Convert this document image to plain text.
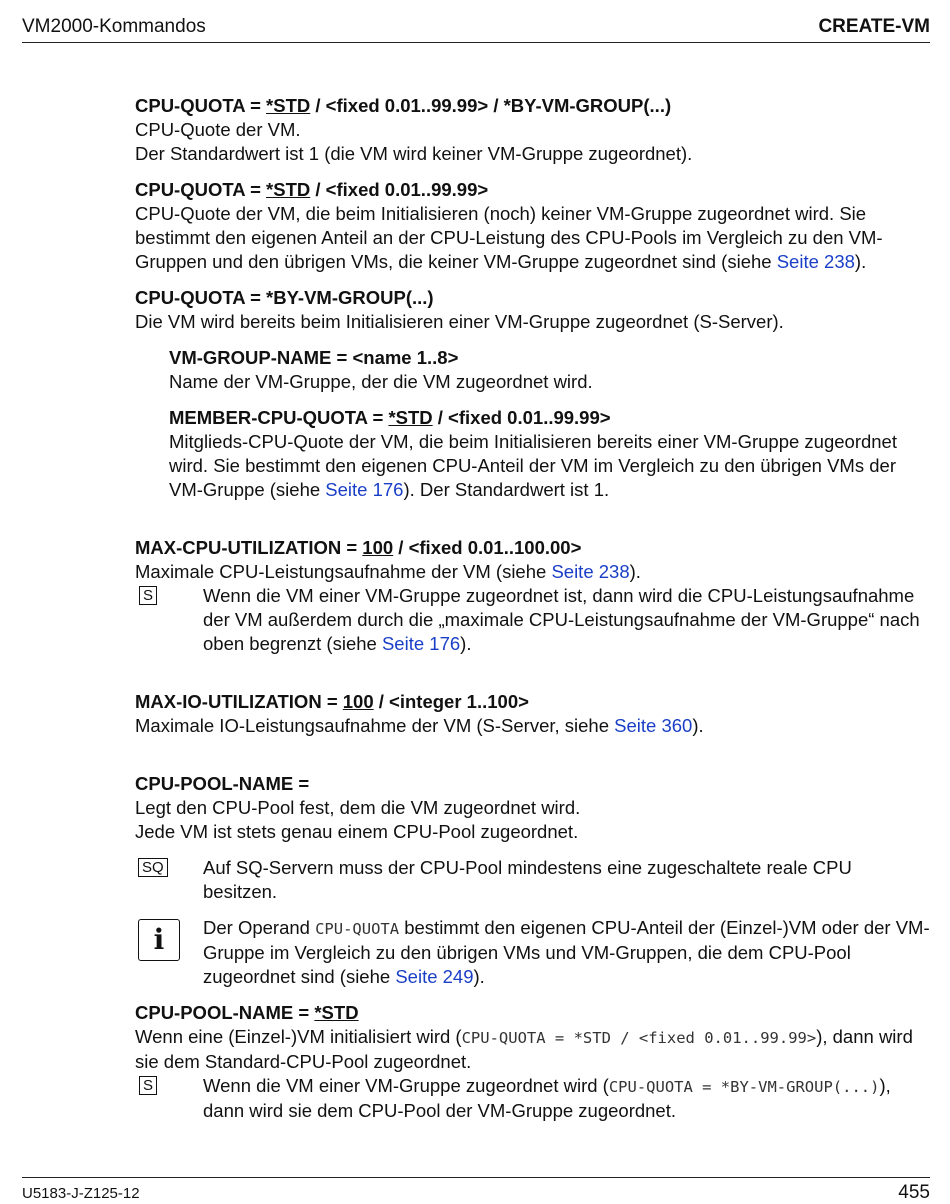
VM2000-Kommandos	CREATE-VM

CPU-QUOTA = *STD / <fixed 0.01..99.99> / *BY-VM-GROUP(...)

CPU-Quote der VM.

Der Standardwert ist 1 (die VM wird keiner VM-Gruppe zugeordnet).

CPU-QUOTA = *STD / <fixed 0.01..99.99>

CPU-Quote der VM, die beim Initialisieren (noch) keiner VM-Gruppe zugeordnet wird. Sie bestimmt den eigenen Anteil an der CPU-Leistung des CPU-Pools im Vergleich zu den VM-Gruppen und den übrigen VMs, die keiner VM-Gruppe zugeordnet sind (siehe Seite 238).

CPU-QUOTA = *BY-VM-GROUP(...)

Die VM wird bereits beim Initialisieren einer VM-Gruppe zugeordnet (S-Server).

VM-GROUP-NAME = <name 1..8>

Name der VM-Gruppe, der die VM zugeordnet wird.

MEMBER-CPU-QUOTA = *STD / <fixed 0.01..99.99>

Mitglieds-CPU-Quote der VM, die beim Initialisieren bereits einer VM-Gruppe zugeordnet wird. Sie bestimmt den eigenen CPU-Anteil der VM im Vergleich zu den übrigen VMs der VM-Gruppe (siehe Seite 176). Der Standardwert ist 1.

MAX-CPU-UTILIZATION = 100 / <fixed 0.01..100.00>

Maximale CPU-Leistungsaufnahme der VM (siehe Seite 238).

S	Wenn die VM einer VM-Gruppe zugeordnet ist, dann wird die CPU-Leistungsaufnahme der VM außerdem durch die „maximale CPU-Leistungsaufnahme der VM-Gruppe“ nach oben begrenzt (siehe Seite 176).

MAX-IO-UTILIZATION = 100 / <integer 1..100>

Maximale IO-Leistungsaufnahme der VM (S-Server, siehe Seite 360).

CPU-POOL-NAME =

Legt den CPU-Pool fest, dem die VM zugeordnet wird.

Jede VM ist stets genau einem CPU-Pool zugeordnet.

SQ Auf SQ-Servern muss der CPU-Pool mindestens eine zugeschaltete reale CPU besitzen.

i	Der Operand CPU-QUOTA bestimmt den eigenen CPU-Anteil der (Einzel-)VM oder der VM-Gruppe im Vergleich zu den übrigen VMs und VM-Gruppen, die dem CPU-Pool zugeordnet sind (siehe Seite 249).

CPU-POOL-NAME = *STD

Wenn eine (Einzel-)VM initialisiert wird (CPU-QUOTA = *STD / <fixed 0.01..99.99>), dann wird sie dem Standard-CPU-Pool zugeordnet.

S	Wenn die VM einer VM-Gruppe zugeordnet wird (CPU-QUOTA = *BY-VM-GROUP(...)), dann wird sie dem CPU-Pool der VM-Gruppe zugeordnet.

U5183-J-Z125-12	455
